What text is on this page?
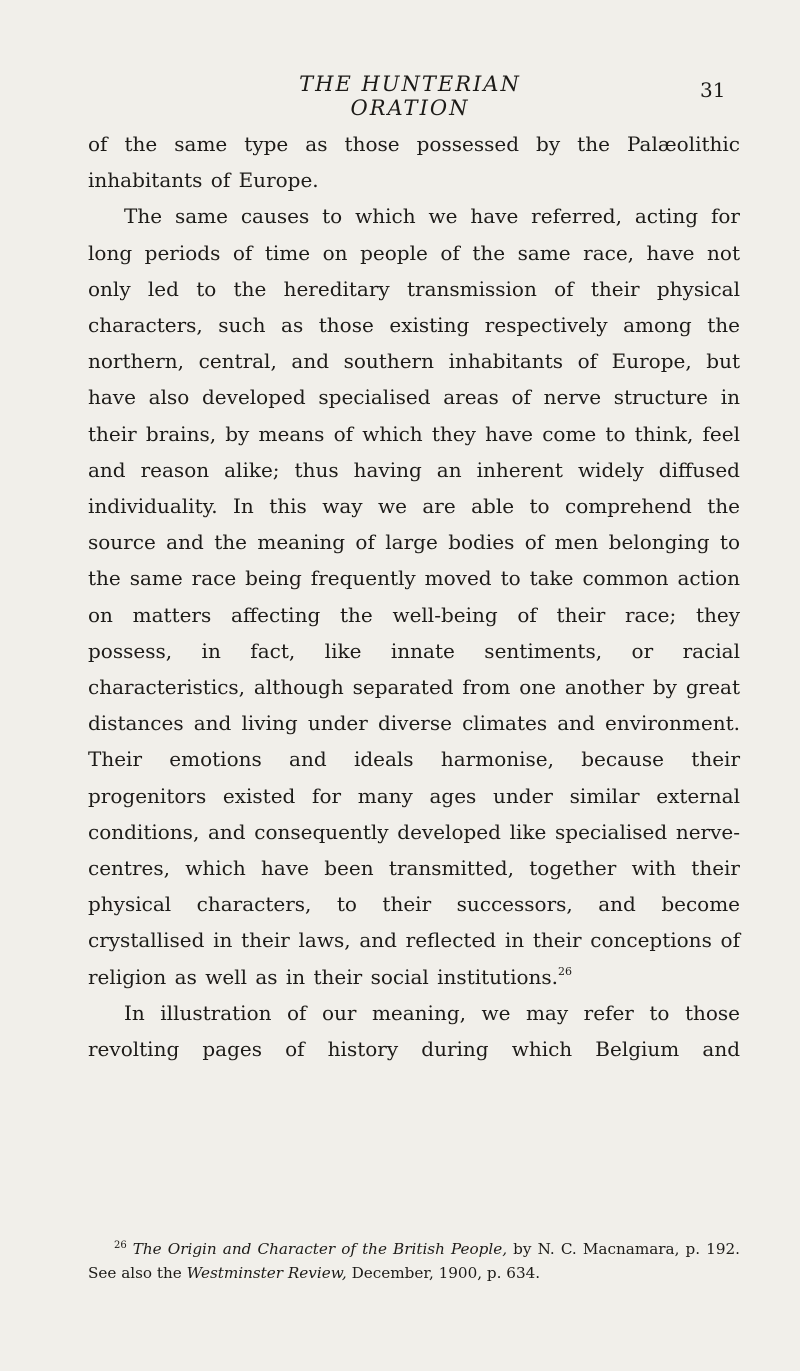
THE HUNTERIAN ORATION
31

of the same type as those possessed by the Palæolithic inhabitants of Europe.

The same causes to which we have referred, acting for long periods of time on people of the same race, have not only led to the hereditary transmission of their physical characters, such as those existing respectively among the northern, central, and southern inhabitants of Europe, but have also developed specialised areas of nerve structure in their brains, by means of which they have come to think, feel and reason alike; thus having an inherent widely diffused individuality. In this way we are able to comprehend the source and the meaning of large bodies of men belonging to the same race being frequently moved to take common action on matters affecting the well-being of their race; they possess, in fact, like innate sentiments, or racial characteristics, although separated from one another by great distances and living under diverse climates and environment. Their emotions and ideals harmonise, because their progenitors existed for many ages under similar external conditions, and consequently developed like specialised nerve-centres, which have been transmitted, together with their physical characters, to their successors, and become crystallised in their laws, and reflected in their conceptions of religion as well as in their social institutions.$^{26}$

In illustration of our meaning, we may refer to those revolting pages of history during which Belgium and

$^{26}$ The Origin and Character of the British People, by N. C. Macnamara, p. 192. See also the Westminster Review, December, 1900, p. 634.
